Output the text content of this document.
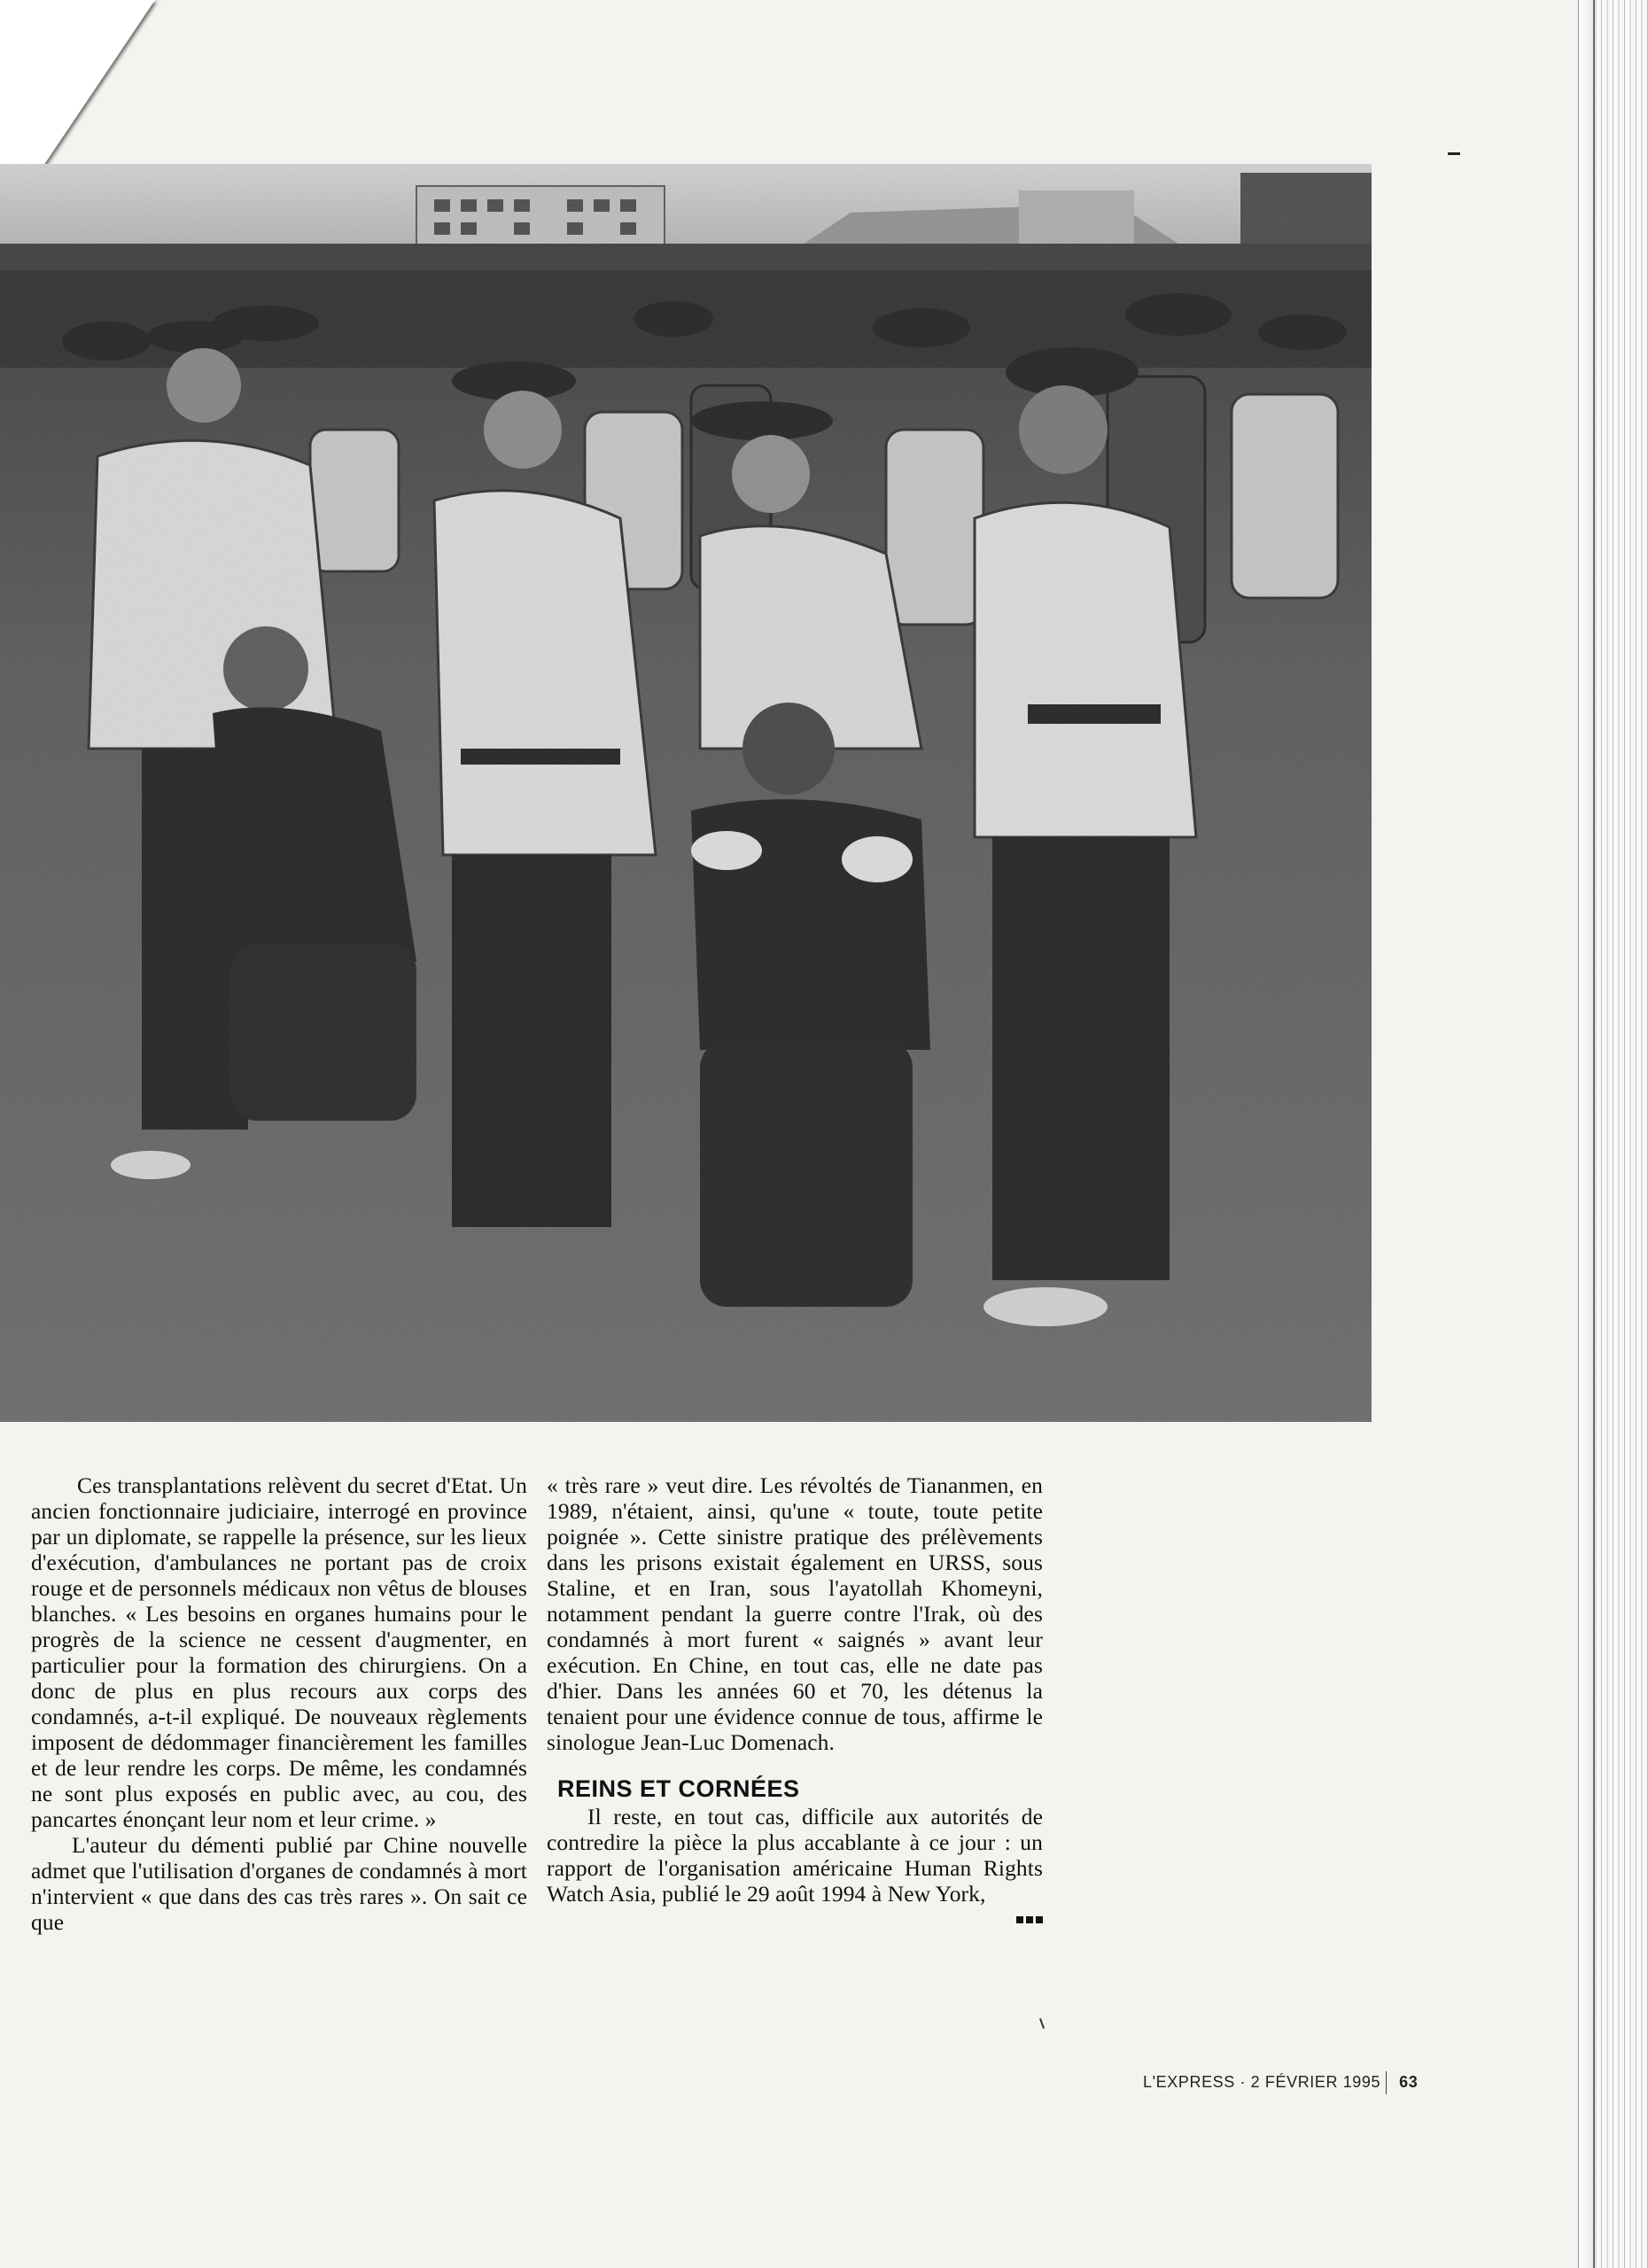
Ces transplantations relèvent du secret d'Etat. Un ancien fonctionnaire judiciaire, interrogé en province par un diplomate, se rappelle la présence, sur les lieux d'exécution, d'ambulances ne portant pas de croix rouge et de personnels médicaux non vêtus de blouses blanches. « Les besoins en organes humains pour le progrès de la science ne cessent d'augmenter, en particulier pour la formation des chirurgiens. On a donc de plus en plus recours aux corps des condamnés, a-t-il expliqué. De nouveaux règlements imposent de dédommager financièrement les familles et de leur rendre les corps. De même, les condamnés ne sont plus exposés en public avec, au cou, des pancartes énonçant leur nom et leur crime. »

L'auteur du démenti publié par Chine nouvelle admet que l'utilisation d'organes de condamnés à mort n'intervient « que dans des cas très rares ». On sait ce que

« très rare » veut dire. Les révoltés de Tiananmen, en 1989, n'étaient, ainsi, qu'une « toute, toute petite poignée ». Cette sinistre pratique des prélèvements dans les prisons existait également en URSS, sous Staline, et en Iran, sous l'ayatollah Khomeyni, notamment pendant la guerre contre l'Irak, où des condamnés à mort furent « saignés » avant leur exécution. En Chine, en tout cas, elle ne date pas d'hier. Dans les années 60 et 70, les détenus la tenaient pour une évidence connue de tous, affirme le sinologue Jean-Luc Domenach.

REINS ET CORNÉES

Il reste, en tout cas, difficile aux autorités de contredire la pièce la plus accablante à ce jour : un rapport de l'organisation américaine Human Rights Watch Asia, publié le 29 août 1994 à New York,

L'EXPRESS · 2 FÉVRIER 1995 63
